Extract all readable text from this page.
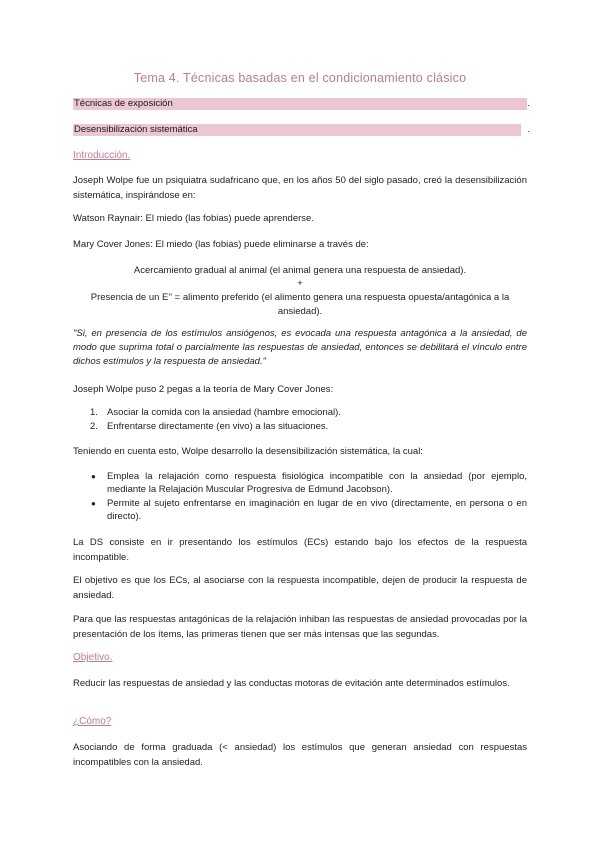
Tema 4. Técnicas basadas en el condicionamiento clásico
Técnicas de exposición	.
Desensibilización sistemática	.
Introducción.
Joseph Wolpe fue un psiquiatra sudafricano que, en los años 50 del siglo pasado, creó la desensibilización sistemática, inspirándose en:
Watson Raynair: El miedo (las fobias) puede aprenderse.
Mary Cover Jones: El miedo (las fobias) puede eliminarse a través de:
Acercamiento gradual al animal (el animal genera una respuesta de ansiedad).
+
Presencia de un E'' = alimento preferido (el alimento genera una respuesta opuesta/antagónica a la ansiedad).
"Si, en presencia de los estímulos ansiógenos, es evocada una respuesta antagónica a la ansiedad, de modo que suprima total o parcialmente las respuestas de ansiedad, entonces se debilitará el vínculo entre dichos estímulos y la respuesta de ansiedad."
Joseph Wolpe puso 2 pegas a la teoría de Mary Cover Jones:
1. Asociar la comida con la ansiedad (hambre emocional).
2. Enfrentarse directamente (en vivo) a las situaciones.
Teniendo en cuenta esto, Wolpe desarrollo la desensibilización sistemática, la cual:
● Emplea la relajación como respuesta fisiológica incompatible con la ansiedad (por ejemplo, mediante la Relajación Muscular Progresiva de Edmund Jacobson).
● Permite al sujeto enfrentarse en imaginación en lugar de en vivo (directamente, en persona o en directo).
La DS consiste en ir presentando los estímulos (ECs) estando bajo los efectos de la respuesta incompatible.
El objetivo es que los ECs, al asociarse con la respuesta incompatible, dejen de producir la respuesta de ansiedad.
Para que las respuestas antagónicas de la relajación inhiban las respuestas de ansiedad provocadas por la presentación de los ítems, las primeras tienen que ser más intensas que las segundas.
Objetivo.
Reducir las respuestas de ansiedad y las conductas motoras de evitación ante determinados estímulos.
¿Cómo?
Asociando de forma graduada (< ansiedad) los estímulos que generan ansiedad con respuestas incompatibles con la ansiedad.
